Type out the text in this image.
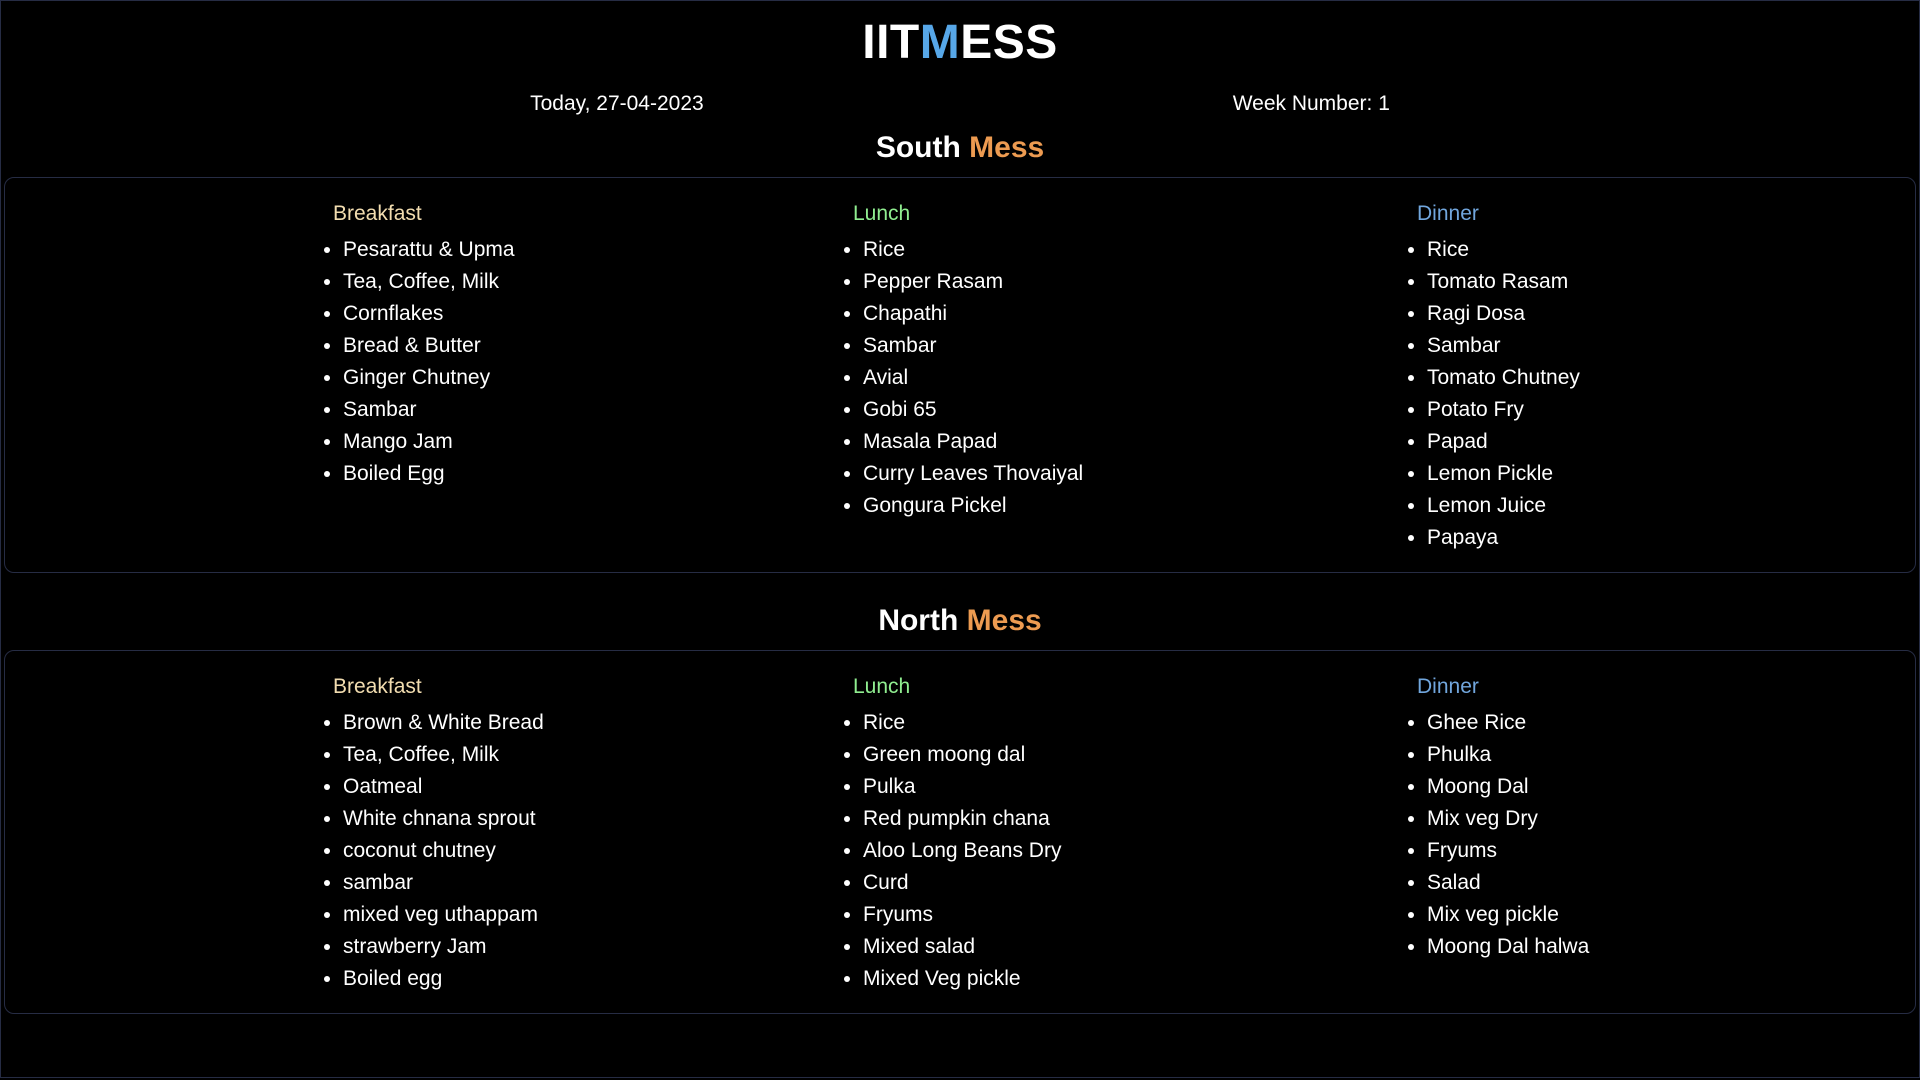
IITMESS
Today, 27-04-2023	Week Number: 1
South Mess
Breakfast
• Pesarattu & Upma
• Tea, Coffee, Milk
• Cornflakes
• Bread & Butter
• Ginger Chutney
• Sambar
• Mango Jam
• Boiled Egg
Lunch
• Rice
• Pepper Rasam
• Chapathi
• Sambar
• Avial
• Gobi 65
• Masala Papad
• Curry Leaves Thovaiyal
• Gongura Pickel
Dinner
• Rice
• Tomato Rasam
• Ragi Dosa
• Sambar
• Tomato Chutney
• Potato Fry
• Papad
• Lemon Pickle
• Lemon Juice
• Papaya
North Mess
Breakfast
• Brown & White Bread
• Tea, Coffee, Milk
• Oatmeal
• White chnana sprout
• coconut chutney
• sambar
• mixed veg uthappam
• strawberry Jam
• Boiled egg
Lunch
• Rice
• Green moong dal
• Pulka
• Red pumpkin chana
• Aloo Long Beans Dry
• Curd
• Fryums
• Mixed salad
• Mixed Veg pickle
Dinner
• Ghee Rice
• Phulka
• Moong Dal
• Mix veg Dry
• Fryums
• Salad
• Mix veg pickle
• Moong Dal halwa
